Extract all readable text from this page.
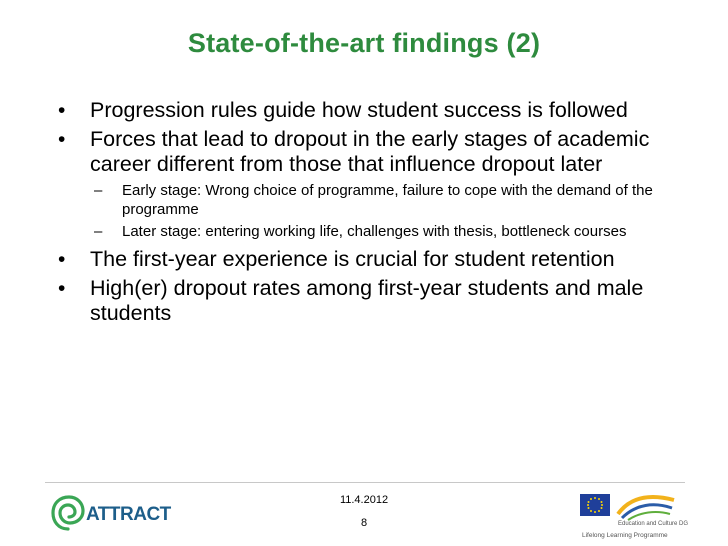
State-of-the-art findings (2)
• Progression rules guide how student success is followed
• Forces that lead to dropout in the early stages of academic career different from those that influence dropout later
– Early stage: Wrong choice of programme, failure to cope with the demand of the programme
– Later stage: entering working life, challenges with thesis, bottleneck courses
• The first-year experience is crucial for student retention
• High(er) dropout rates among first-year students and male students
ATTRACT
11.4.2012
8	Education and Culture DG
Lifelong Learning Programme
